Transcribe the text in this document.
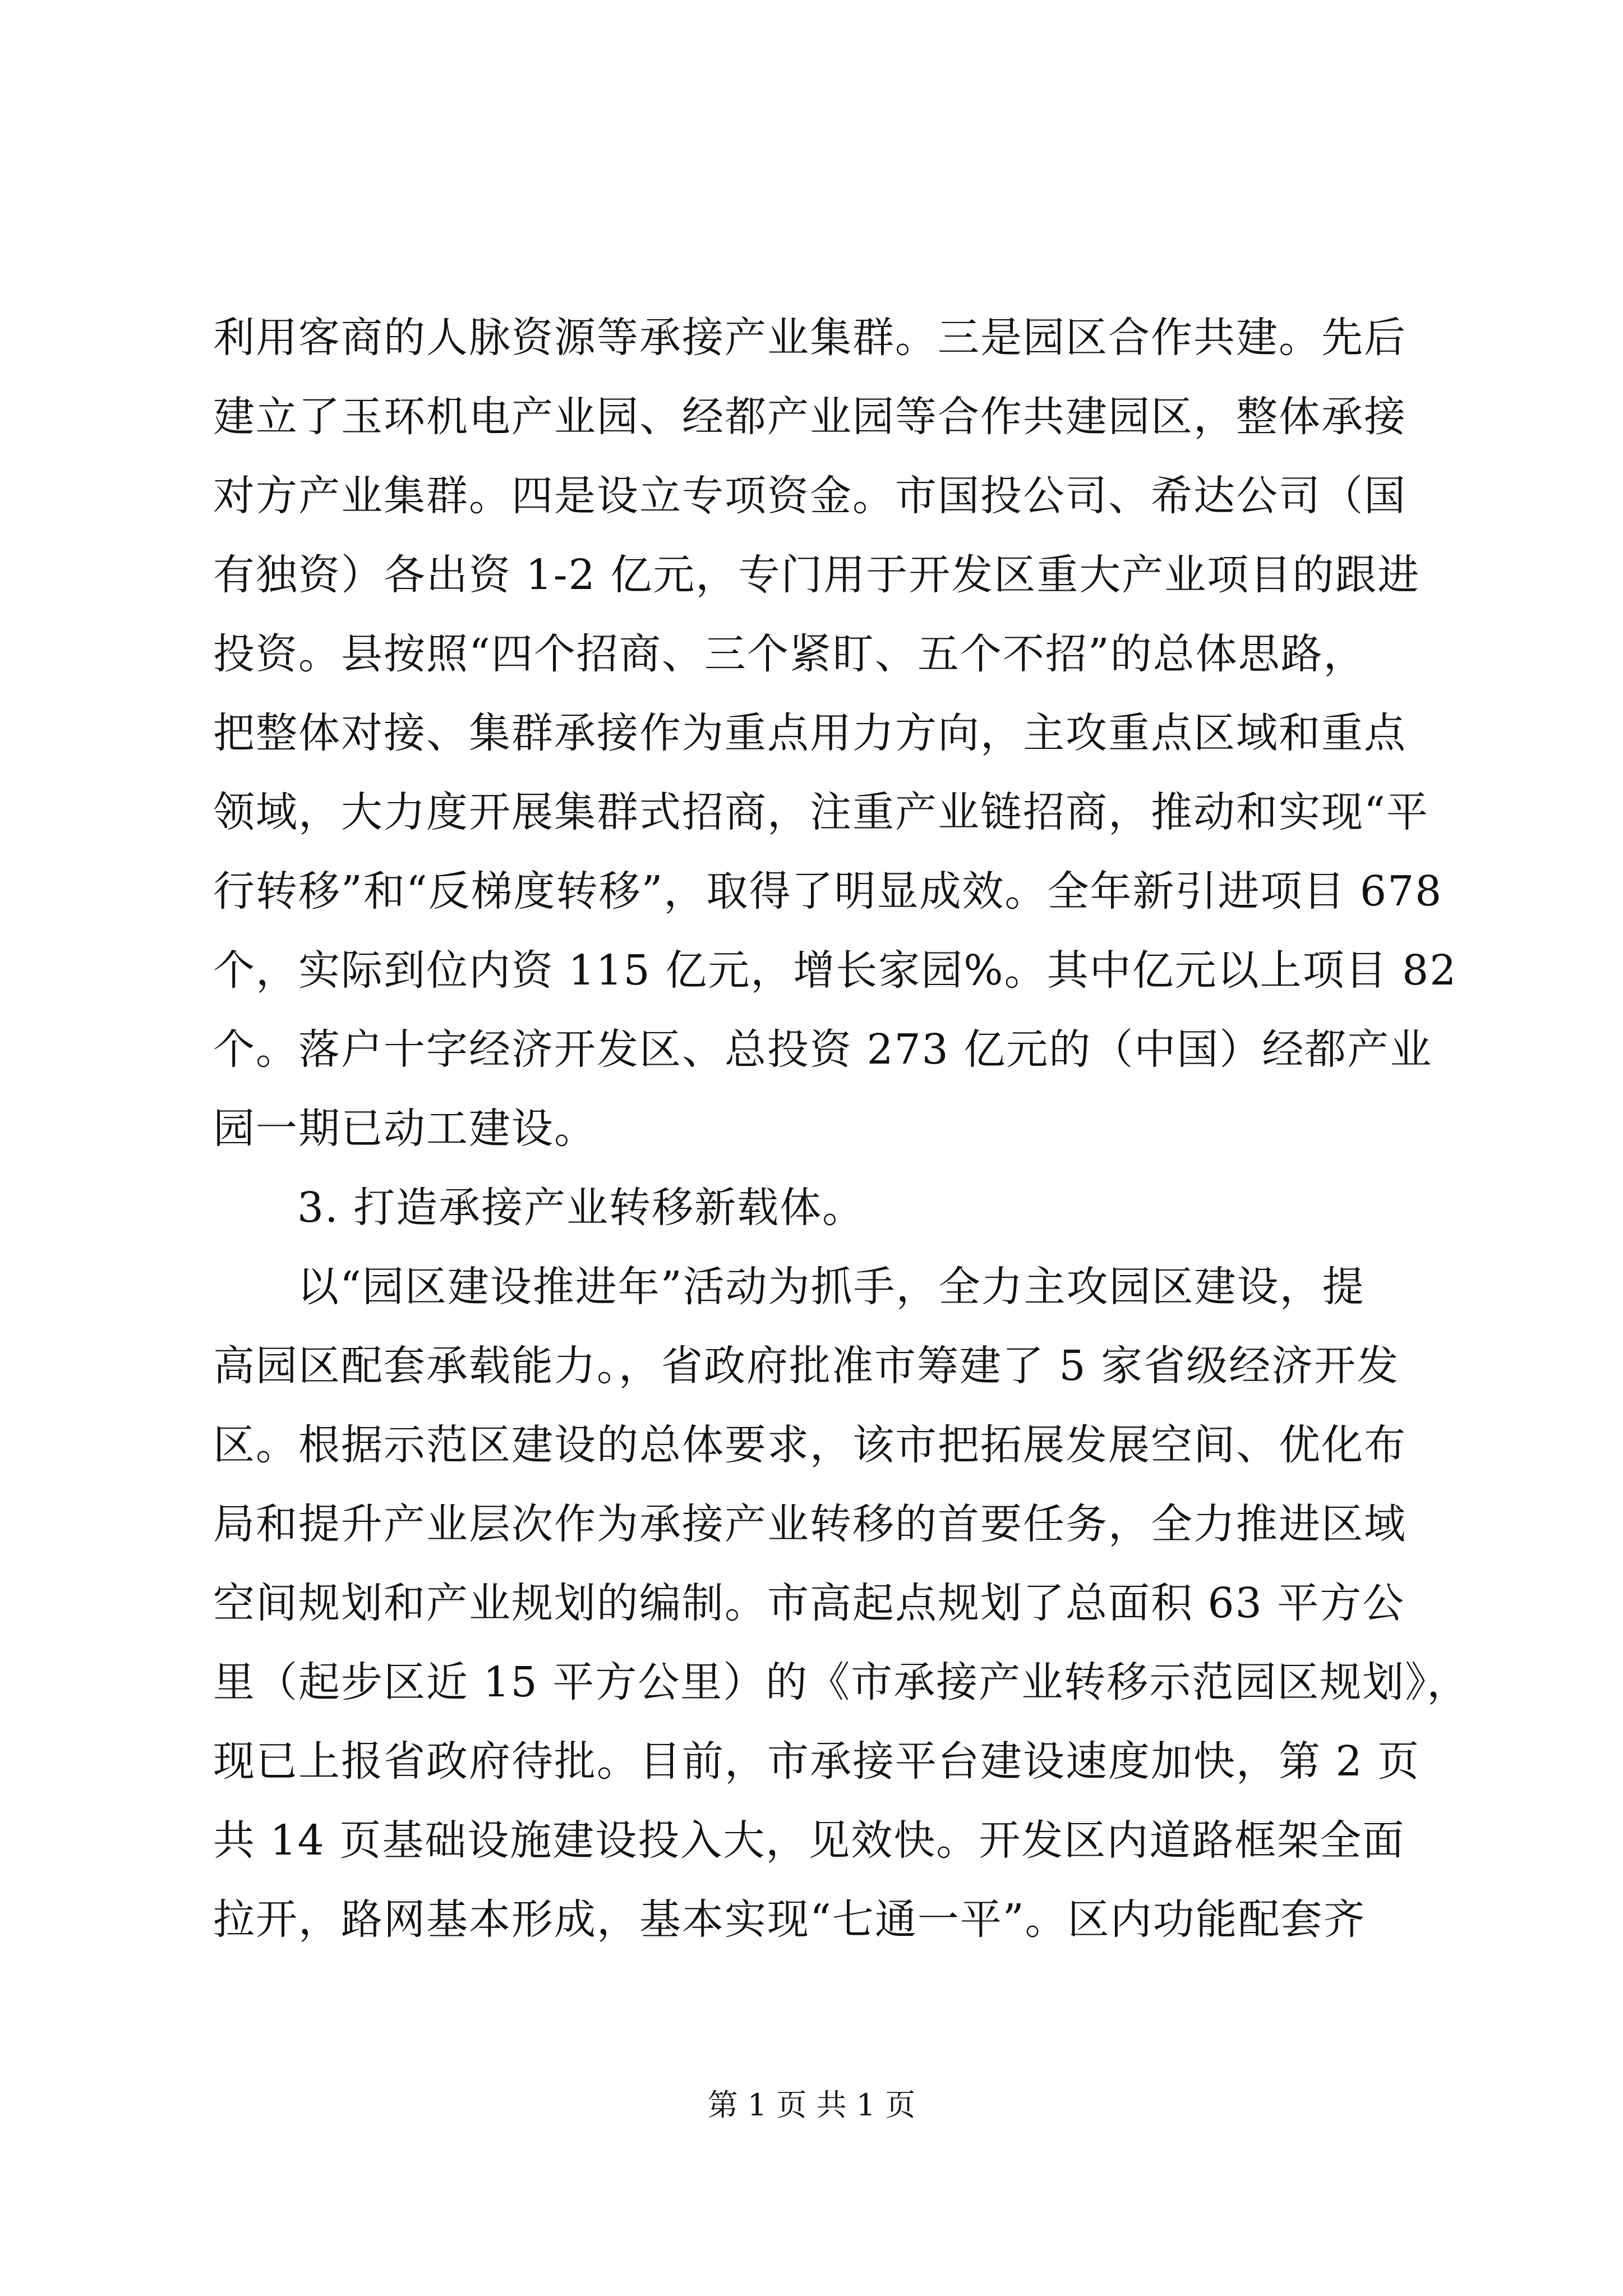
利用客商的人脉资源等承接产业集群。三是园区合作共建。先后
建立了玉环机电产业园、经都产业园等合作共建园区，整体承接
对方产业集群。四是设立专项资金。市国投公司、希达公司（国
有独资）各出资 1-2 亿元，专门用于开发区重大产业项目的跟进
投资。县按照“四个招商、三个紧盯、五个不招”的总体思路，
把整体对接、集群承接作为重点用力方向，主攻重点区域和重点
领域，大力度开展集群式招商，注重产业链招商，推动和实现“平
行转移”和“反梯度转移”，取得了明显成效。全年新引进项目 678
个，实际到位内资 115 亿元，增长家园%。其中亿元以上项目 82
个。落户十字经济开发区、总投资 273 亿元的（中国）经都产业
园一期已动工建设。
3. 打造承接产业转移新载体。
以“园区建设推进年”活动为抓手，全力主攻园区建设，提
高园区配套承载能力。，省政府批准市筹建了 5 家省级经济开发
区。根据示范区建设的总体要求，该市把拓展发展空间、优化布
局和提升产业层次作为承接产业转移的首要任务，全力推进区域
空间规划和产业规划的编制。市高起点规划了总面积 63 平方公
里（起步区近 15 平方公里）的《市承接产业转移示范园区规划》，
现已上报省政府待批。目前，市承接平台建设速度加快，第 2 页
共 14 页基础设施建设投入大，见效快。开发区内道路框架全面
拉开，路网基本形成，基本实现“七通一平”。区内功能配套齐
第 1 页 共 1 页
